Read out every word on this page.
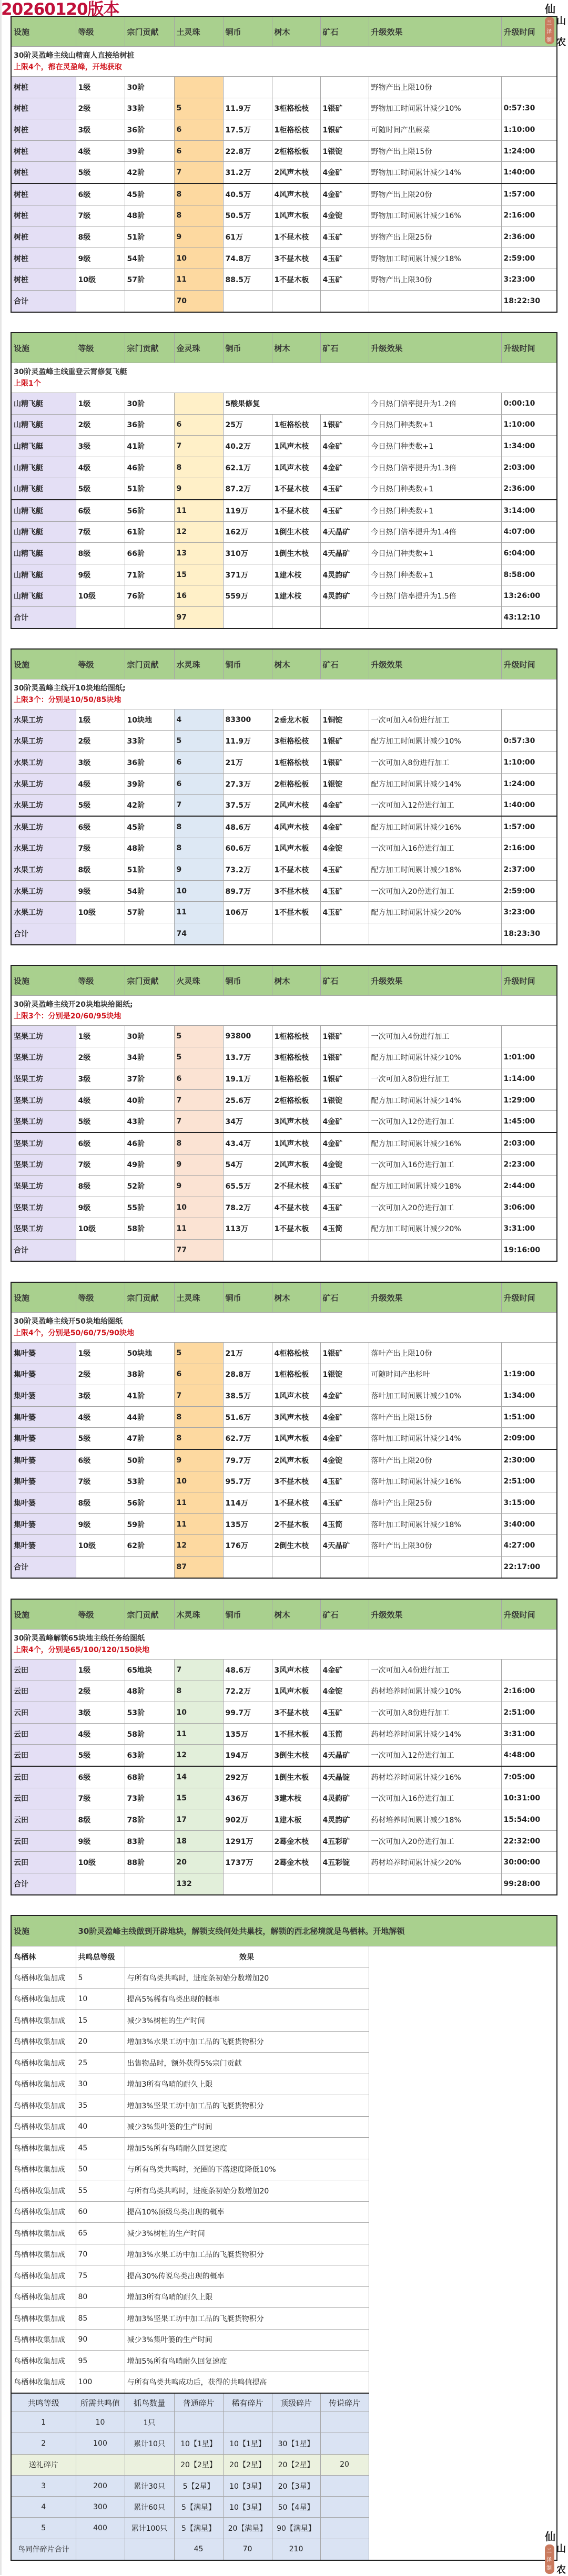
20260120版本	仙
山
农
兰
泽
制
仙
山
农
兰
泽
制
设施	等级	宗门贡献	土灵珠	铜币	树木	矿石	升级效果	升级时间

30阶灵盈峰主线山精商人直接给树桩
上限4个，都在灵盈峰，开地获取								

树桩	1级	30阶					野物产出上限10份	
树桩	2级	33阶	5	11.9万	3柜格松枝	1银矿	野物加工时间累计减少10%	0:57:30
树桩	3级	36阶	6	17.5万	1柜格松枝	1银矿	可随时间产出蕨菜	1:10:00
树桩	4级	39阶	6	22.8万	2柜格松板	1银锭	野物产出上限15份	1:24:00
树桩	5级	42阶	7	31.2万	2风声木枝	4金矿	野物加工时间累计减少14%	1:40:00
树桩	6级	45阶	8	40.5万	4风声木枝	4金矿	野物产出上限20份	1:57:00
树桩	7级	48阶	8	50.5万	1风声木板	4金锭	野物加工时间累计减少16%	2:16:00
树桩	8级	51阶	9	61万	1不昼木枝	4玉矿	野物产出上限25份	2:36:00
树桩	9级	54阶	10	74.8万	3不昼木枝	4玉矿	野物加工时间累计减少18%	2:59:00
树桩	10级	57阶	11	88.5万	1不昼木板	4玉矿	野物产出上限30份	3:23:00
合计			70					18:22:30
设施	等级	宗门贡献	金灵珠	铜币	树木	矿石	升级效果	升级时间

30阶灵盈峰主线重登云霄修复飞艇
上限1个								

山精飞艇	1级	30阶		5酸果修复			今日热门倍率提升为1.2倍	0:00:10
山精飞艇	2级	36阶	6	25万	1柜格松枝	1银矿	今日热门种类数+1	1:10:00
山精飞艇	3级	41阶	7	40.2万	1风声木枝	4金矿	今日热门种类数+1	1:34:00
山精飞艇	4级	46阶	8	62.1万	1风声木枝	4金矿	今日热门倍率提升为1.3倍	2:03:00
山精飞艇	5级	51阶	9	87.2万	1不昼木枝	4玉矿	今日热门种类数+1	2:36:00
山精飞艇	6级	56阶	11	119万	1不昼木枝	4玉矿	今日热门种类数+1	3:14:00
山精飞艇	7级	61阶	12	162万	1倒生木枝	4天晶矿	今日热门倍率提升为1.4倍	4:07:00
山精飞艇	8级	66阶	13	310万	1倒生木枝	4天晶矿	今日热门种类数+1	6:04:00
山精飞艇	9级	71阶	15	371万	1建木枝	4灵韵矿	今日热门种类数+1	8:58:00
山精飞艇	10级	76阶	16	559万	1建木枝	4灵韵矿	今日热门倍率提升为1.5倍	13:26:00
合计			97					43:12:10
设施	等级	宗门贡献	水灵珠	铜币	树木	矿石	升级效果	升级时间

30阶灵盈峰主线开10块地给图纸;
上限3个：分别是10/50/85块地								

水果工坊	1级	10块地	4	83300	2垂龙木板	1铜锭	一次可加入4份进行加工	
水果工坊	2级	33阶	5	11.9万	3柜格松枝	1银矿	配方加工时间累计减少10%	0:57:30
水果工坊	3级	36阶	6	21万	1柜格松枝	1银矿	一次可加入8份进行加工	1:10:00
水果工坊	4级	39阶	6	27.3万	2柜格松板	1银锭	配方加工时间累计减少14%	1:24:00
水果工坊	5级	42阶	7	37.5万	2风声木枝	4金矿	一次可加入12份进行加工	1:40:00
水果工坊	6级	45阶	8	48.6万	4风声木枝	4金矿	配方加工时间累计减少16%	1:57:00
水果工坊	7级	48阶	8	60.6万	1风声木板	4金锭	一次可加入16份进行加工	2:16:00
水果工坊	8级	51阶	9	73.2万	1不昼木枝	4玉矿	配方加工时间累计减少18%	2:37:00
水果工坊	9级	54阶	10	89.7万	3不昼木枝	4玉矿	一次可加入20份进行加工	2:59:00
水果工坊	10级	57阶	11	106万	1不昼木板	4玉矿	配方加工时间累计减少20%	3:23:00
合计			74					18:23:30
设施	等级	宗门贡献	火灵珠	铜币	树木	矿石	升级效果	升级时间

30阶灵盈峰主线开20块地块给图纸;
上限3个：分别是20/60/95块地								

坚果工坊	1级	30阶	5	93800	1柜格松枝	1银矿	一次可加入4份进行加工	
坚果工坊	2级	34阶	5	13.7万	3柜格松枝	1银矿	配方加工时间累计减少10%	1:01:00
坚果工坊	3级	37阶	6	19.1万	1柜格松板	1银矿	一次可加入8份进行加工	1:14:00
坚果工坊	4级	40阶	7	25.6万	2柜格松板	1银锭	配方加工时间累计减少14%	1:29:00
坚果工坊	5级	43阶	7	34万	3风声木枝	4金矿	一次可加入12份进行加工	1:45:00
坚果工坊	6级	46阶	8	43.4万	1风声木枝	4金矿	配方加工时间累计减少16%	2:03:00
坚果工坊	7级	49阶	9	54万	2风声木板	4金锭	一次可加入16份进行加工	2:23:00
坚果工坊	8级	52阶	9	65.5万	2不昼木枝	4玉矿	配方加工时间累计减少18%	2:44:00
坚果工坊	9级	55阶	10	78.2万	4不昼木枝	4玉矿	一次可加入20份进行加工	3:06:00
坚果工坊	10级	58阶	11	113万	1不昼木板	4玉简	配方加工时间累计减少20%	3:31:00
合计			77					19:16:00
设施	等级	宗门贡献	土灵珠	铜币	树木	矿石	升级效果	升级时间

30阶灵盈峰主线开50块地给图纸
上限4个，分别是50/60/75/90块地								

集叶篓	1级	50块地	5	21万	4柜格松枝	1银矿	落叶产出上限10份	
集叶篓	2级	38阶	6	28.8万	1柜格松板	1银锭	可随时间产出杉叶	1:19:00
集叶篓	3级	41阶	7	38.5万	1风声木枝	4金矿	落叶加工时间累计减少10%	1:34:00
集叶篓	4级	44阶	8	51.6万	3风声木枝	4金矿	落叶产出上限15份	1:51:00
集叶篓	5级	47阶	8	62.7万	1风声木板	4金矿	落叶加工时间累计减少14%	2:09:00
集叶篓	6级	50阶	9	79.7万	2风声木板	4金锭	落叶产出上限20份	2:30:00
集叶篓	7级	53阶	10	95.7万	3不昼木枝	4玉矿	落叶加工时间累计减少16%	2:51:00
集叶篓	8级	56阶	11	114万	1不昼木枝	4玉矿	落叶产出上限25份	3:15:00
集叶篓	9级	59阶	11	135万	2不昼木板	4玉简	落叶加工时间累计减少18%	3:40:00
集叶篓	10级	62阶	12	176万	2倒生木枝	4天晶矿	落叶产出上限30份	4:27:00
合计			87					22:17:00
设施	等级	宗门贡献	木灵珠	铜币	树木	矿石	升级效果	升级时间

30阶灵盈峰解锁65块地主线任务给图纸
上限4个，分别是65/100/120/150块地								

云田	1级	65地块	7	48.6万	3风声木枝	4金矿	一次可加入4份进行加工	
云田	2级	48阶	8	72.2万	1风声木板	4金锭	药材培养时间累计减少10%	2:16:00
云田	3级	53阶	10	99.7万	3不昼木枝	4玉矿	一次可加入8份进行加工	2:51:00
云田	4级	58阶	11	135万	1不昼木板	4玉简	药材培养时间累计减少14%	3:31:00
云田	5级	63阶	12	194万	3倒生木枝	4天晶矿	一次可加入12份进行加工	4:48:00
云田	6级	68阶	14	292万	1倒生木板	4天晶锭	药材培养时间累计减少16%	7:05:00
云田	7级	73阶	15	436万	3建木枝	4灵韵矿	一次可加入16份进行加工	10:31:00
云田	8级	78阶	17	902万	1建木板	4灵韵矿	药材培养时间累计减少18%	15:54:00
云田	9级	83阶	18	1291万	2蓦金木枝	4五彩矿	一次可加入20份进行加工	22:32:00
云田	10级	88阶	20	1737万	2蓦金木枝	4五彩锭	药材培养时间累计减少20%	30:00:00
合计			132					99:28:00
设施	30阶灵盈峰主线做到开辟地块，解锁支线何处共巢枝，解锁的西北秘境就是鸟栖林。开地解锁						
鸟栖林	共鸣总等级	效果					
鸟栖林收集加成	5	与所有鸟类共鸣时，进度条初始分数增加20					
鸟栖林收集加成	10	提高5%稀有鸟类出现的概率					
鸟栖林收集加成	15	减少3%树桩的生产时间					
鸟栖林收集加成	20	增加3%水果工坊中加工品的飞艇货物积分					
鸟栖林收集加成	25	出售物品时，额外获得5%宗门贡献					
鸟栖林收集加成	30	增加3所有鸟哨的耐久上限					
鸟栖林收集加成	35	增加3%坚果工坊中加工品的飞艇货物积分					
鸟栖林收集加成	40	减少3%集叶篓的生产时间					
鸟栖林收集加成	45	增加5%所有鸟哨耐久回复速度					
鸟栖林收集加成	50	与所有鸟类共鸣时，光圈的下落速度降低10%					
鸟栖林收集加成	55	与所有鸟类共鸣时，进度条初始分数增加20					
鸟栖林收集加成	60	提高10%顶级鸟类出现的概率					
鸟栖林收集加成	65	减少3%树桩的生产时间					
鸟栖林收集加成	70	增加3%水果工坊中加工品的飞艇货物积分					
鸟栖林收集加成	75	提高30%传说鸟类出现的概率					
鸟栖林收集加成	80	增加3所有鸟哨的耐久上限					
鸟栖林收集加成	85	增加3%坚果工坊中加工品的飞艇货物积分					
鸟栖林收集加成	90	减少3%集叶篓的生产时间					
鸟栖林收集加成	95	增加5%所有鸟哨耐久回复速度					
鸟栖林收集加成	100	与所有鸟类共鸣成功后，获得的共鸣值提高					
共鸣等级	所需共鸣值	抓鸟数量	普通碎片	稀有碎片	顶级碎片	传说碎片	
1	10	1只					
2	100	累计10只	10【1星】	10【1星】	30【1星】		
送礼碎片			20【2星】	20【2星】	20【2星】	20	
3	200	累计30只	5【2星】	10【3星】	20【3星】		
4	300	累计60只	5【满星】	10【3星】	50【4星】		
5	400	累计100只	5【满星】	20【满星】	90【满星】		
鸟同伴碎片合计			45	70	210		
